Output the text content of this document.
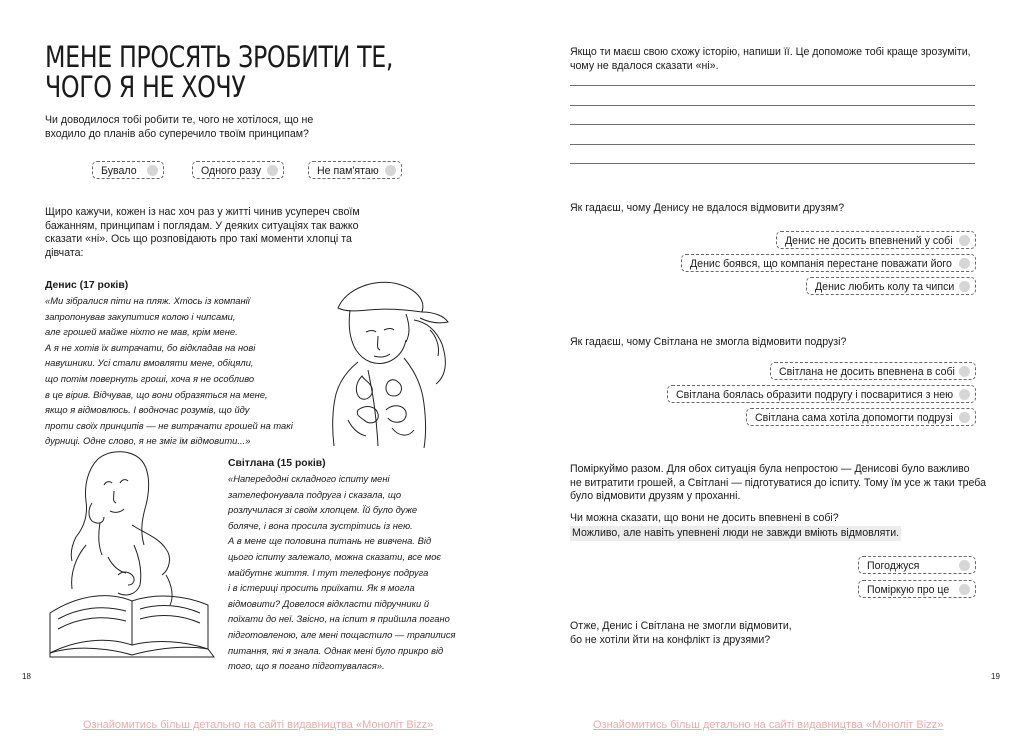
МЕНЕ ПРОСЯТЬ ЗРОБИТИ ТЕ,
ЧОГО Я НЕ ХОЧУ
Чи доводилося тобі робити те, чого не хотілося, що не
входило до планів або суперечило твоїм принципам?
Бувало	Одного разу	Не пам'ятаю
Щиро кажучи, кожен із нас хоч раз у житті чинив усупереч своїм
бажанням, принципам і поглядам. У деяких ситуаціях так важко
сказати «ні». Ось що розповідають про такі моменти хлопці та
дівчата:
Денис (17 років)
«Ми зібралися піти на пляж. Хтось із компанії
запропонував закупитися колою і чипсами,
але грошей майже ніхто не мав, крім мене.
А я не хотів їх витрачати, бо відкладав на нові
навушники. Усі стали вмовляти мене, обіцяли,
що потім повернуть гроші, хоча я не особливо
в це вірив. Відчував, що вони образяться на мене,
якщо я відмовлюсь. І водночас розумів, що йду
проти своїх принципів — не витрачати грошей на такі
дурниці. Одне слово, я не зміг їм відмовити...»
Світлана (15 років)
«Напередодні складного іспиту мені
зателефонувала подруга і сказала, що
розлучилася зі своїм хлопцем. Їй було дуже
боляче, і вона просила зустрітись із нею.
А в мене ще половина питань не вивчена. Від
цього іспиту залежало, можна сказати, все моє
майбутнє життя. І тут телефонує подруга
і в істериці просить приїхати. Як я могла
відмовити? Довелося відкласти підручники й
поїхати до неї. Звісно, на іспит я прийшла погано
підготовленою, але мені пощастило — трапилися
питання, які я знала. Однак мені було прикро від
того, що я погано підготувалася».
18
Ознайомитись більш детально на сайті видавництва «Моноліт Bizz»
Якщо ти маєш свою схожу історію, напиши її. Це допоможе тобі краще зрозуміти,
чому не вдалося сказати «ні».
Як гадаєш, чому Денису не вдалося відмовити друзям?
Денис не досить впевнений у собі
Денис боявся, що компанія перестане поважати його
Денис любить колу та чипси
Як гадаєш, чому Світлана не змогла відмовити подрузі?
Світлана не досить впевнена в собі
Світлана боялась образити подругу і посваритися з нею
Світлана сама хотіла допомогти подрузі
Поміркуймо разом. Для обох ситуація була непростою — Денисові було важливо
не витратити грошей, а Світлані — підготуватися до іспиту. Тому їм усе ж таки треба
було відмовити друзям у проханні.
Чи можна сказати, що вони не досить впевнені в собі?
Можливо, але навіть упевнені люди не завжди вміють відмовляти.
Погоджуся
Поміркую про це
Отже, Денис і Світлана не змогли відмовити,
бо не хотіли йти на конфлікт із друзями?
19
Ознайомитись більш детально на сайті видавництва «Моноліт Bizz»
